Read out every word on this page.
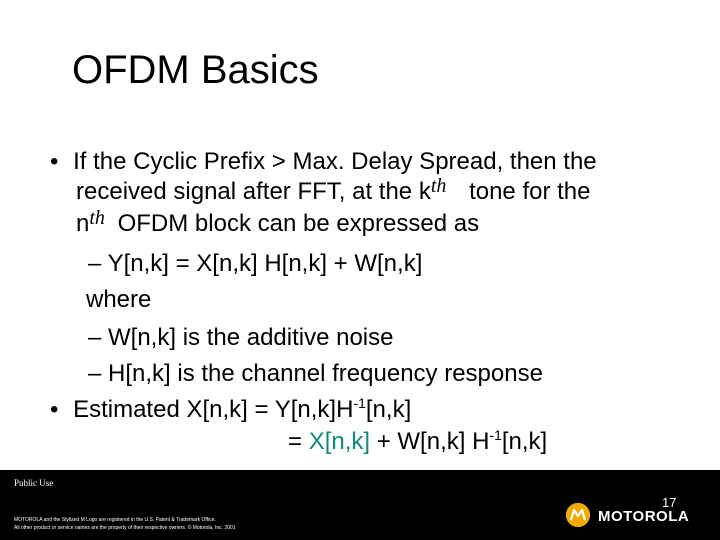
OFDM Basics
• If the Cyclic Prefix > Max. Delay Spread, then the
received signal after FFT, at the $k^{th}$ tone for the
$n^{th}$ OFDM block can be expressed as
– Y[n,k] = X[n,k] H[n,k] + W[n,k]
where
– W[n,k] is the additive noise
– H[n,k] is the channel frequency response
• Estimated $X[n,k] = Y[n,k]H^{-1}[n,k]$
= X[n,k] + W[n,k] $H^{-1}[n,k]$
Public Use
MOTOROLA and the Stylized M Logo are registered in the U.S. Patent & Trademark Office.
All other product or service names are the property of their respective owners. © Motorola, Inc. 2001
17
MOTOROLA
